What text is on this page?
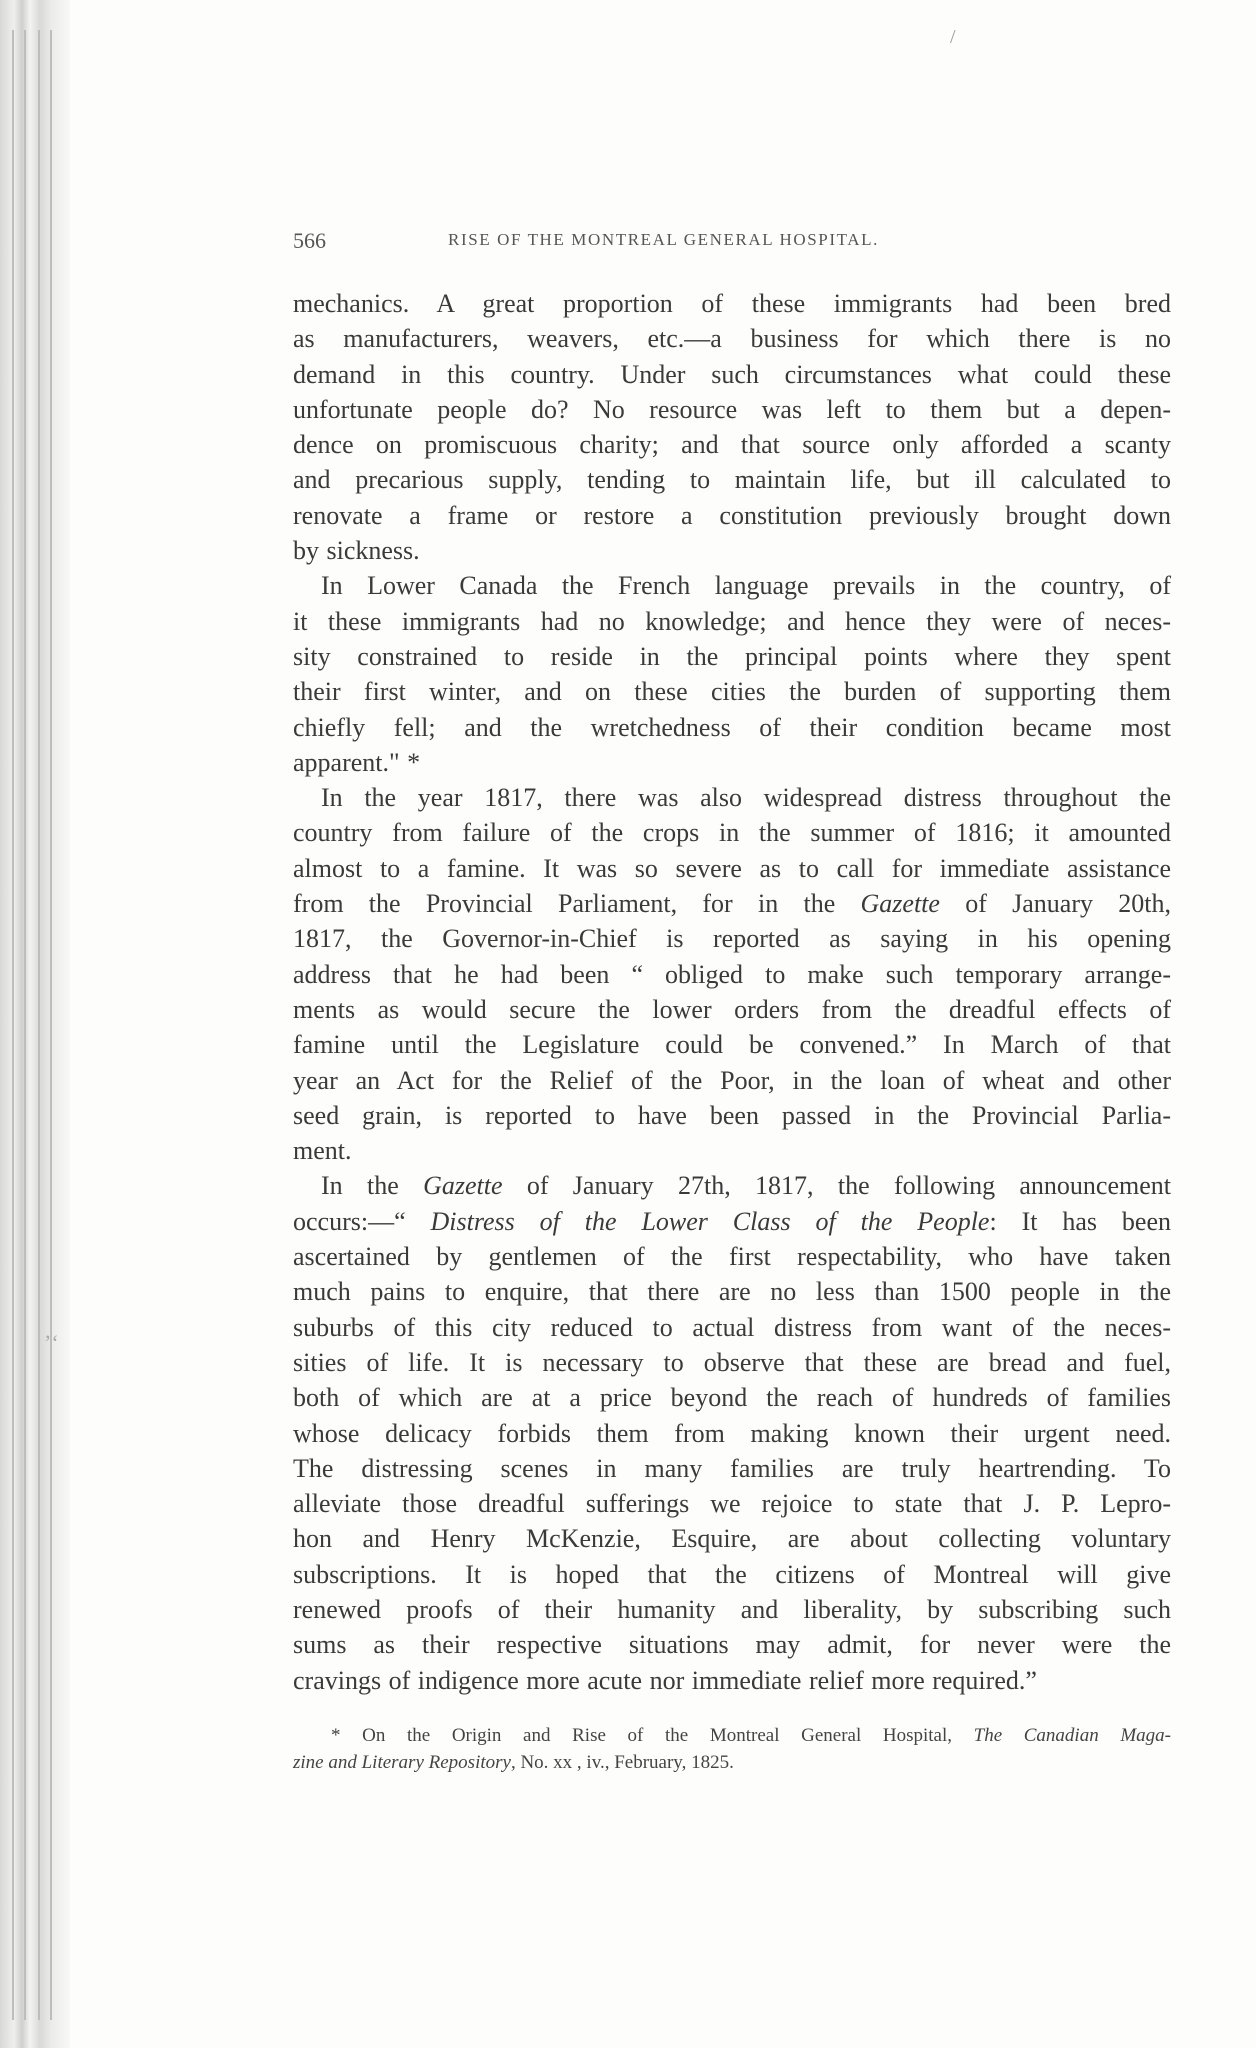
/
’‘
566	RISE OF THE MONTREAL GENERAL HOSPITAL.

mechanics. A great proportion of these immigrants had been bred
as manufacturers, weavers, etc.—a business for which there is no
demand in this country. Under such circumstances what could these
unfortunate people do? No resource was left to them but a depen-
dence on promiscuous charity; and that source only afforded a scanty
and precarious supply, tending to maintain life, but ill calculated to
renovate a frame or restore a constitution previously brought down
by sickness.

In Lower Canada the French language prevails in the country, of
it these immigrants had no knowledge; and hence they were of neces-
sity constrained to reside in the principal points where they spent
their first winter, and on these cities the burden of supporting them
chiefly fell; and the wretchedness of their condition became most
apparent." *

In the year 1817, there was also widespread distress throughout the
country from failure of the crops in the summer of 1816; it amounted
almost to a famine. It was so severe as to call for immediate assistance
from the Provincial Parliament, for in the Gazette of January 20th,
1817, the Governor-in-Chief is reported as saying in his opening
address that he had been “ obliged to make such temporary arrange-
ments as would secure the lower orders from the dreadful effects of
famine until the Legislature could be convened.” In March of that
year an Act for the Relief of the Poor, in the loan of wheat and other
seed grain, is reported to have been passed in the Provincial Parlia-
ment.

In the Gazette of January 27th, 1817, the following announcement
occurs:—“ Distress of the Lower Class of the People: It has been
ascertained by gentlemen of the first respectability, who have taken
much pains to enquire, that there are no less than 1500 people in the
suburbs of this city reduced to actual distress from want of the neces-
sities of life. It is necessary to observe that these are bread and fuel,
both of which are at a price beyond the reach of hundreds of families
whose delicacy forbids them from making known their urgent need.
The distressing scenes in many families are truly heartrending. To
alleviate those dreadful sufferings we rejoice to state that J. P. Lepro-
hon and Henry McKenzie, Esquire, are about collecting voluntary
subscriptions. It is hoped that the citizens of Montreal will give
renewed proofs of their humanity and liberality, by subscribing such
sums as their respective situations may admit, for never were the
cravings of indigence more acute nor immediate relief more required.”

* On the Origin and Rise of the Montreal General Hospital, The Canadian Maga-
zine and Literary Repository, No. xx , iv., February, 1825.
